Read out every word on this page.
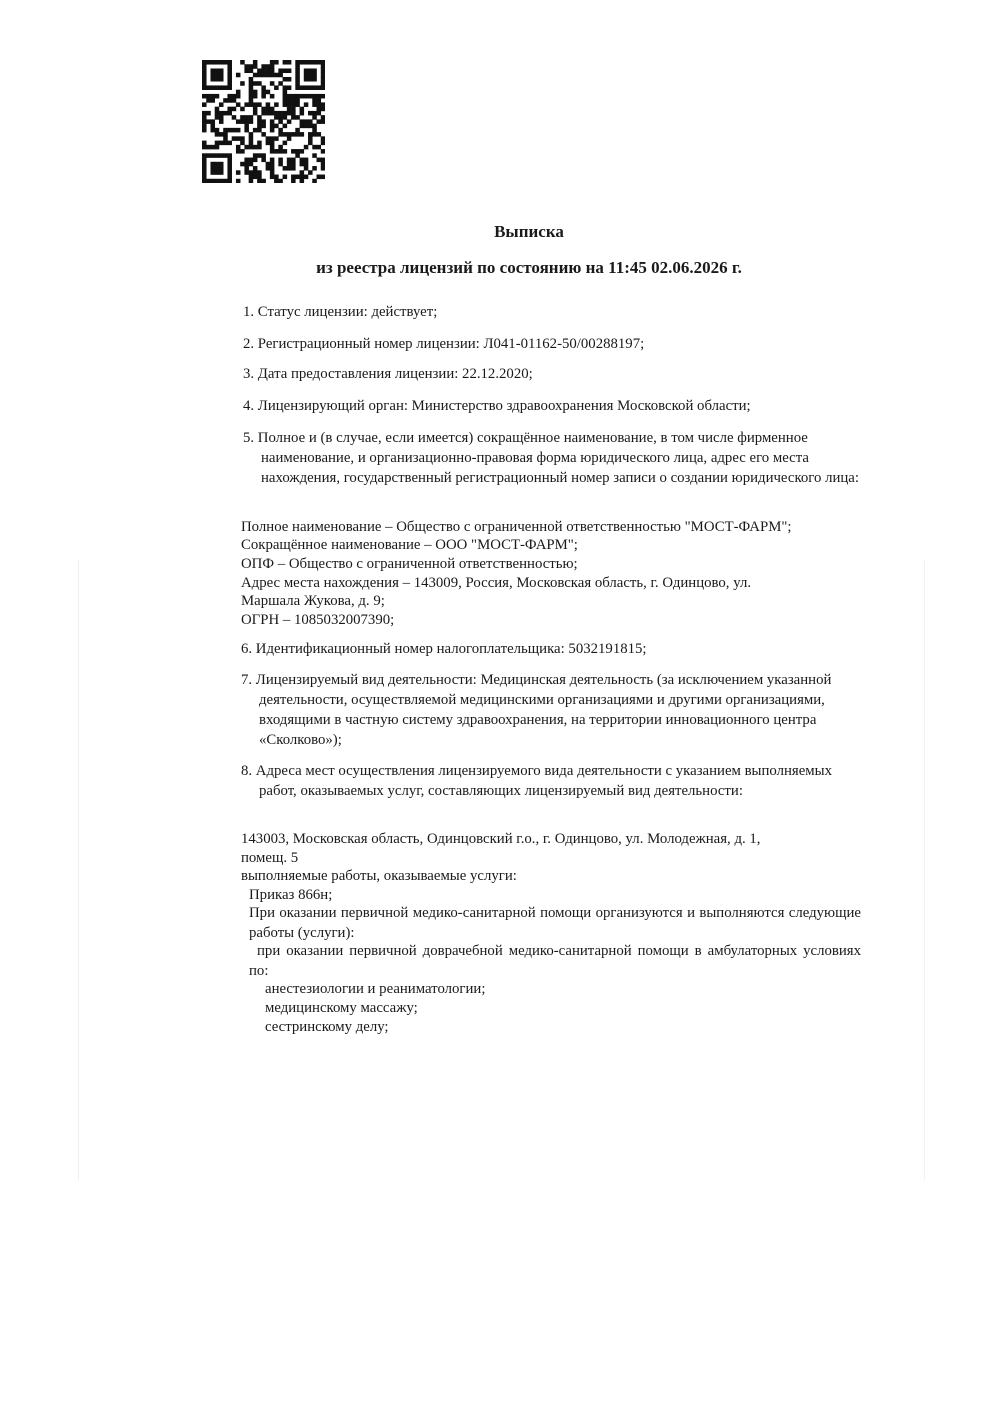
Выписка
из реестра лицензий по состоянию на 11:45 02.06.2026 г.
1. Статус лицензии: действует;
2. Регистрационный номер лицензии: Л041-01162-50/00288197;
3. Дата предоставления лицензии: 22.12.2020;
4. Лицензирующий орган: Министерство здравоохранения Московской области;
5. Полное и (в случае, если имеется) сокращённое наименование, в том числе фирменное наименование, и организационно-правовая форма юридического лица, адрес его места нахождения, государственный регистрационный номер записи о создании юридического лица:
Полное наименование – Общество с ограниченной ответственностью "МОСТ-ФАРМ";
Сокращённое наименование – ООО "МОСТ-ФАРМ";
ОПФ – Общество с ограниченной ответственностью;
Адрес места нахождения – 143009, Россия, Московская область, г. Одинцово, ул.
Маршала Жукова, д. 9;
ОГРН – 1085032007390;
6. Идентификационный номер налогоплательщика: 5032191815;
7. Лицензируемый вид деятельности: Медицинская деятельность (за исключением указанной деятельности, осуществляемой медицинскими организациями и другими организациями, входящими в частную систему здравоохранения, на территории инновационного центра «Сколково»);
8. Адреса мест осуществления лицензируемого вида деятельности с указанием выполняемых работ, оказываемых услуг, составляющих лицензируемый вид деятельности:
143003, Московская область, Одинцовский г.о., г. Одинцово, ул. Молодежная, д. 1,
помещ. 5
выполняемые работы, оказываемые услуги:
Приказ 866н;
При оказании первичной медико-санитарной помощи организуются и выполняются следующие работы (услуги):
при оказании первичной доврачебной медико-санитарной помощи в амбулаторных условиях по:
анестезиологии и реаниматологии;
медицинскому массажу;
сестринскому делу;
